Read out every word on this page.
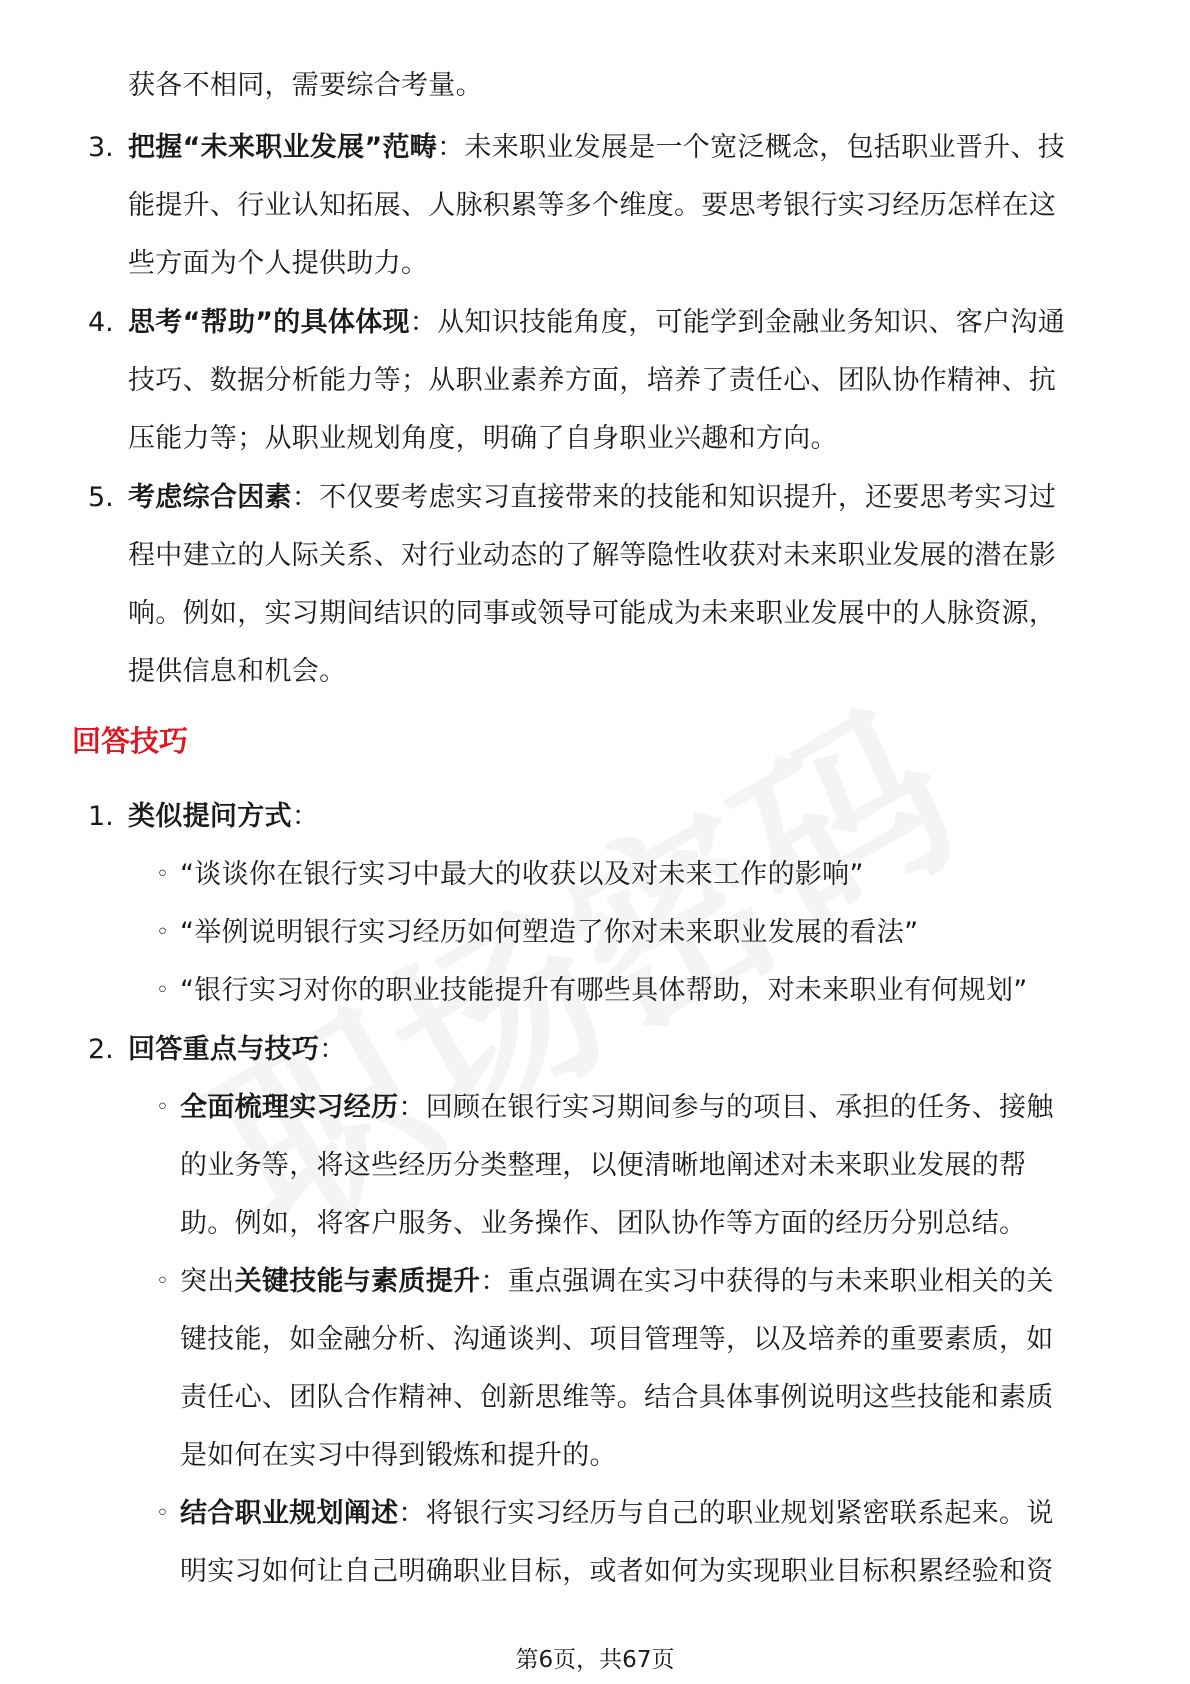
获各不相同，需要综合考量。
3. 把握“未来职业发展”范畴：未来职业发展是一个宽泛概念，包括职业晋升、技
能提升、行业认知拓展、人脉积累等多个维度。要思考银行实习经历怎样在这
些方面为个人提供助力。
4. 思考“帮助”的具体体现：从知识技能角度，可能学到金融业务知识、客户沟通
技巧、数据分析能力等；从职业素养方面，培养了责任心、团队协作精神、抗
压能力等；从职业规划角度，明确了自身职业兴趣和方向。
5. 考虑综合因素：不仅要考虑实习直接带来的技能和知识提升，还要思考实习过
程中建立的人际关系、对行业动态的了解等隐性收获对未来职业发展的潜在影
响。例如，实习期间结识的同事或领导可能成为未来职业发展中的人脉资源，
提供信息和机会。
回答技巧
1. 类似提问方式：
◦ “谈谈你在银行实习中最大的收获以及对未来工作的影响”
◦ “举例说明银行实习经历如何塑造了你对未来职业发展的看法”
◦ “银行实习对你的职业技能提升有哪些具体帮助，对未来职业有何规划”
2. 回答重点与技巧：
◦ 全面梳理实习经历：回顾在银行实习期间参与的项目、承担的任务、接触
的业务等，将这些经历分类整理，以便清晰地阐述对未来职业发展的帮
助。例如，将客户服务、业务操作、团队协作等方面的经历分别总结。
◦ 突出关键技能与素质提升：重点强调在实习中获得的与未来职业相关的关
键技能，如金融分析、沟通谈判、项目管理等，以及培养的重要素质，如
责任心、团队合作精神、创新思维等。结合具体事例说明这些技能和素质
是如何在实习中得到锻炼和提升的。
◦ 结合职业规划阐述：将银行实习经历与自己的职业规划紧密联系起来。说
明实习如何让自己明确职业目标，或者如何为实现职业目标积累经验和资
第6页，共67页
